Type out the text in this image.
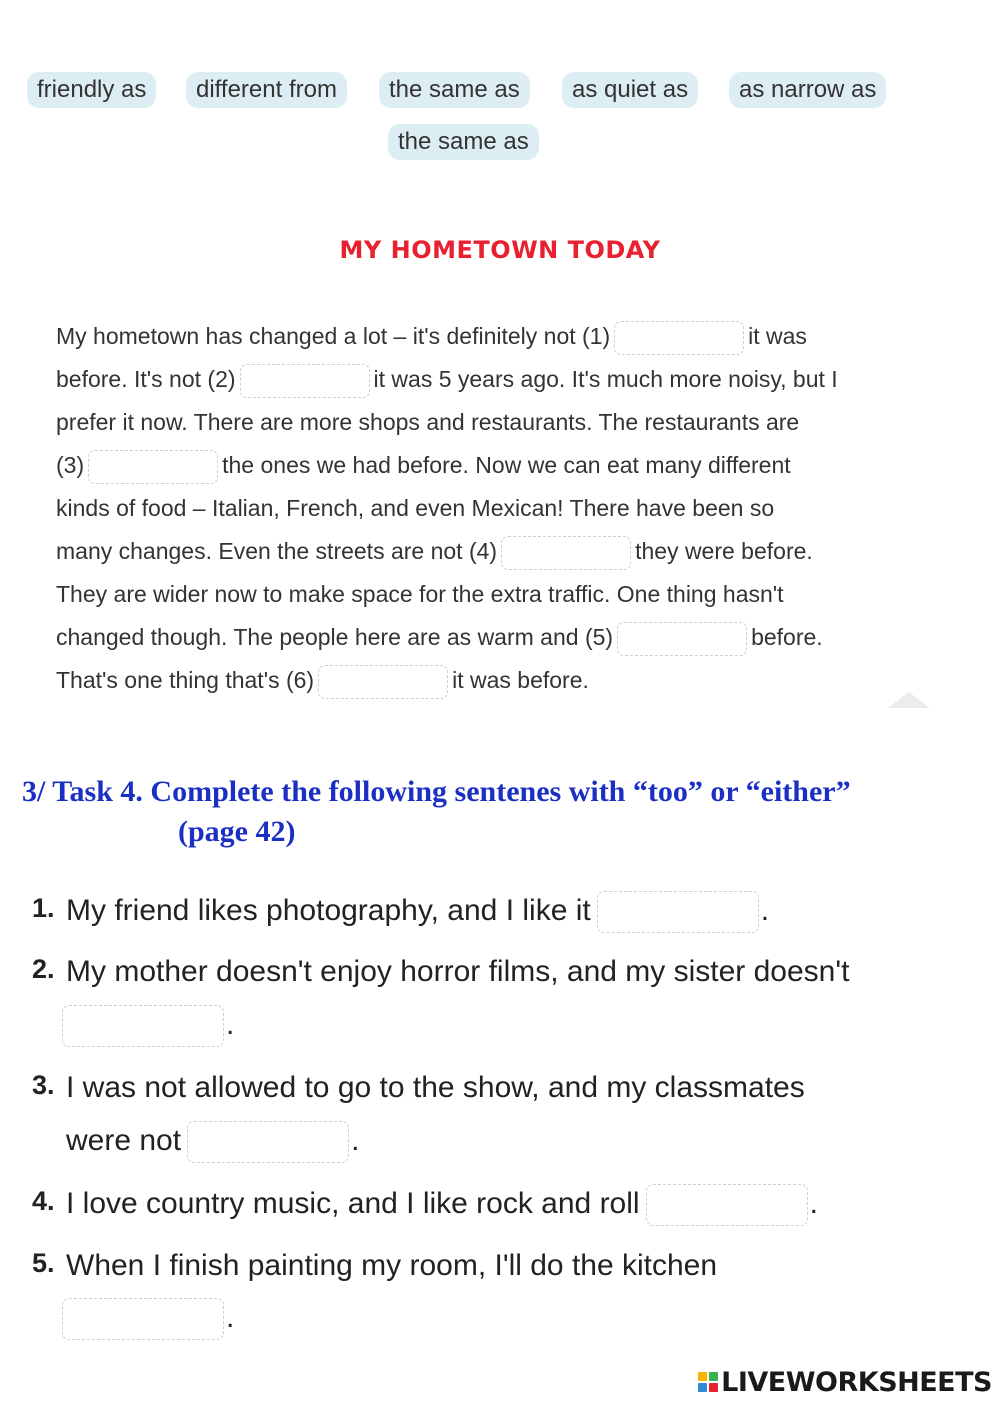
friendly as	different from	the same as	as quiet as	as narrow as
the same as
MY HOMETOWN TODAY
My hometown has changed a lot – it's definitely not (1)	it was
before. It's not (2)	it was 5 years ago. It's much more noisy, but I
prefer it now. There are more shops and restaurants. The restaurants are
(3)	the ones we had before. Now we can eat many different
kinds of food – Italian, French, and even Mexican! There have been so
many changes. Even the streets are not (4)	they were before.
They are wider now to make space for the extra traffic. One thing hasn't
changed though. The people here are as warm and (5)	before.
That's one thing that's (6)	it was before.
3/ Task 4. Complete the following sentenes with “too” or “either”
(page 42)
1. My friend likes photography, and I like it	.
2. My mother doesn't enjoy horror films, and my sister doesn't
.
3. I was not allowed to go to the show, and my classmates
were not	.
4. I love country music, and I like rock and roll	.
5. When I finish painting my room, I'll do the kitchen
.
LIVEWORKSHEETS
